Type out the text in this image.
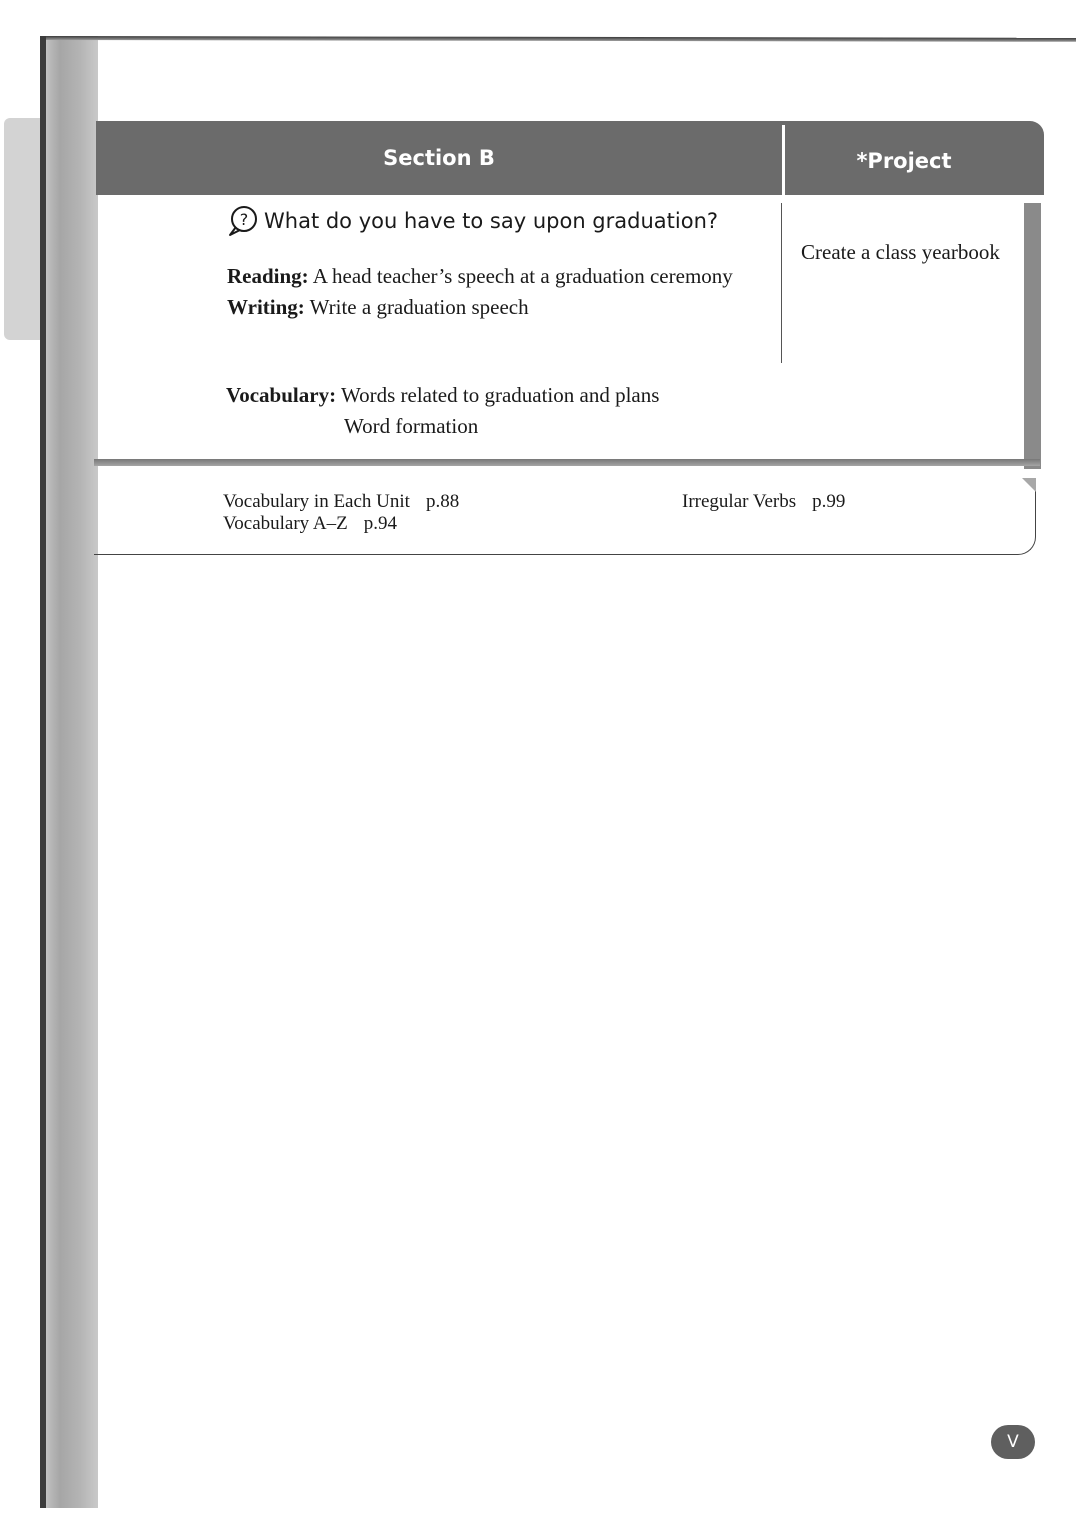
Section B	*Project
? What do you have to say upon graduation?
Reading: A head teacher’s speech at a graduation ceremony
Writing: Write a graduation speech
Vocabulary: Words related to graduation and plans
Word formation
Create a class yearbook
Vocabulary in Each Unit p.88
Vocabulary A–Z p.94
Irregular Verbs p.99
V
